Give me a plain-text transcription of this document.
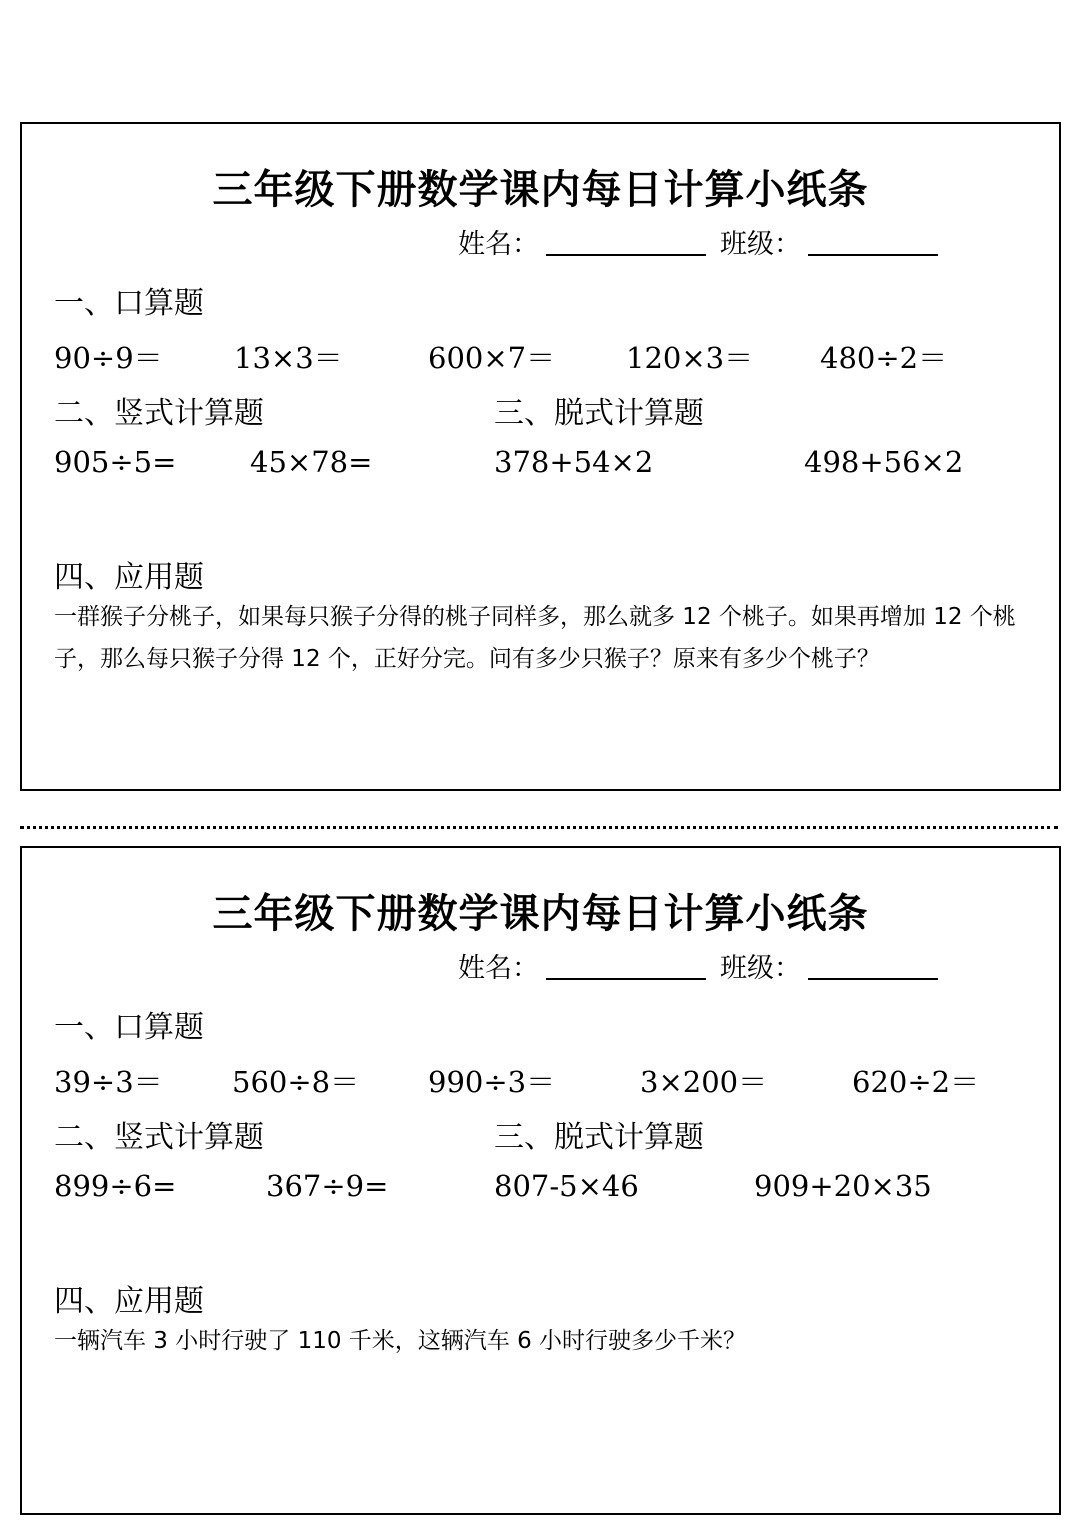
三年级下册数学课内每日计算小纸条
姓名：	班级：
一、口算题
90÷9＝ 13×3＝	600×7＝ 120×3＝ 480÷2＝
二、竖式计算题	三、脱式计算题
905÷5=	45×78=	378+54×2	498+56×2
四、应用题
一群猴子分桃子，如果每只猴子分得的桃子同样多，那么就多 12 个桃子。如果再增加 12 个桃子，那么每只猴子分得 12 个，正好分完。问有多少只猴子？原来有多少个桃子？
三年级下册数学课内每日计算小纸条
姓名：	班级：
一、口算题
39÷3＝ 560÷8＝ 990÷3＝	3×200＝	620÷2＝
二、竖式计算题	三、脱式计算题
899÷6=	367÷9=	807-5×46	909+20×35
四、应用题
一辆汽车 3 小时行驶了 110 千米，这辆汽车 6 小时行驶多少千米？
